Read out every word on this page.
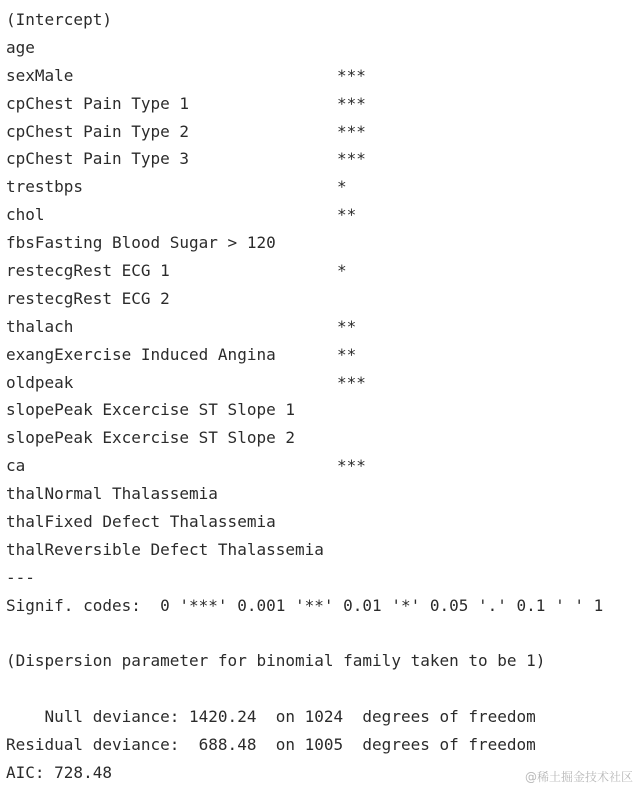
(Intercept)
age
sexMale	***
cpChest Pain Type 1	***
cpChest Pain Type 2	***
cpChest Pain Type 3	***
trestbps	*
chol	**
fbsFasting Blood Sugar > 120
restecgRest ECG 1	*
restecgRest ECG 2
thalach	**
exangExercise Induced Angina	**
oldpeak	***
slopePeak Excercise ST Slope 1
slopePeak Excercise ST Slope 2
ca	***
thalNormal Thalassemia
thalFixed Defect Thalassemia
thalReversible Defect Thalassemia
---
Signif. codes:  0 '***' 0.001 '**' 0.01 '*' 0.05 '.' 0.1 ' ' 1
(Dispersion parameter for binomial family taken to be 1)
Null deviance: 1420.24  on 1024  degrees of freedom
Residual deviance:  688.48  on 1005  degrees of freedom
AIC: 728.48	@稀土掘金技术社区
